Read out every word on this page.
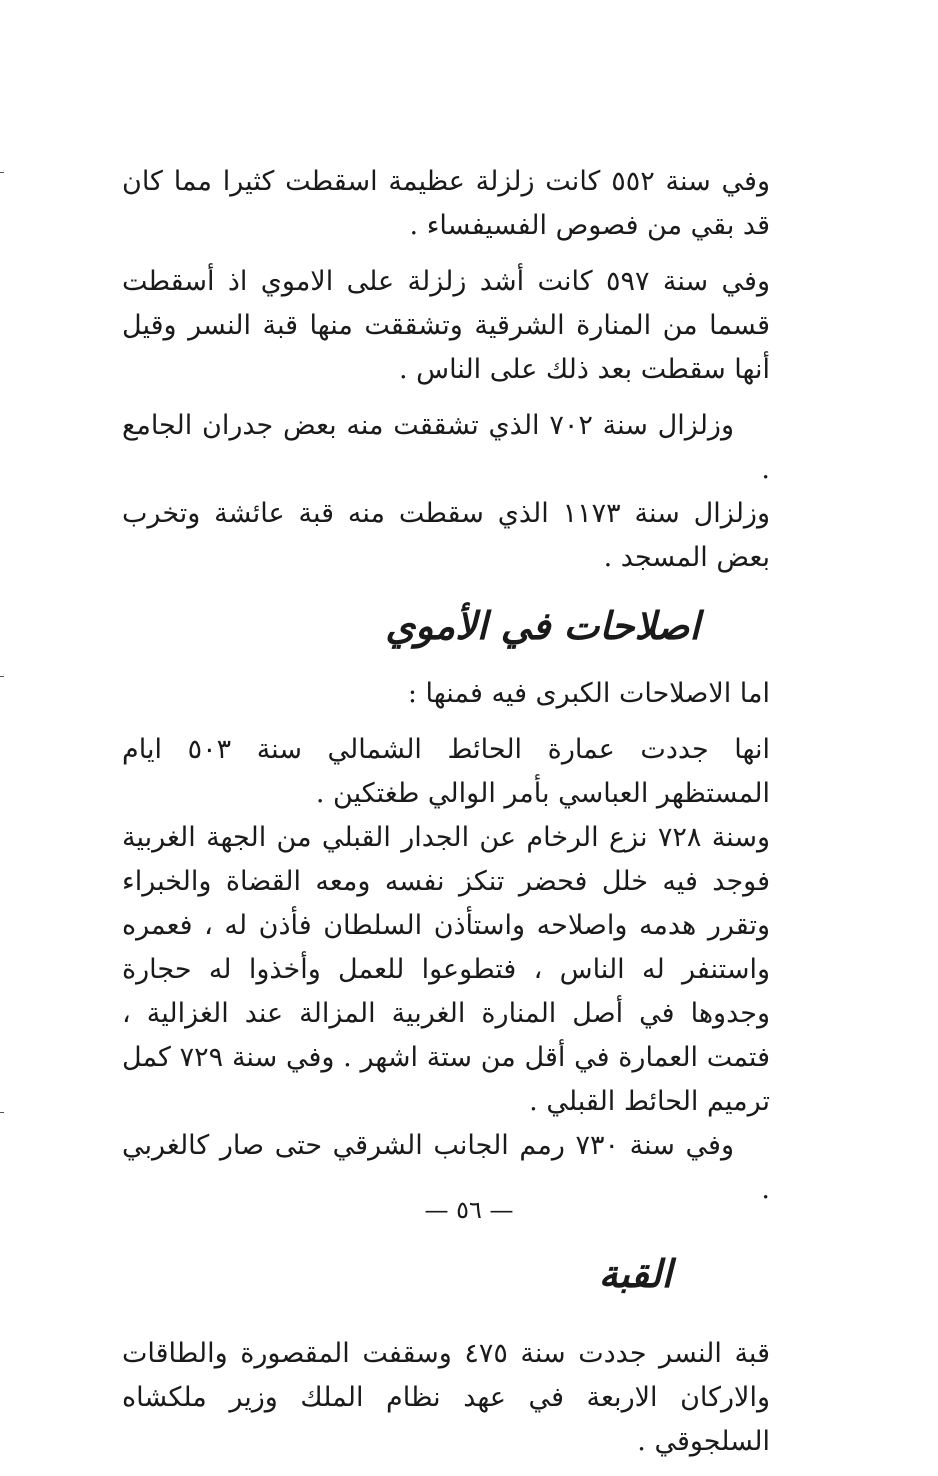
وفي سنة ٥٥٢ كانت زلزلة عظيمة اسقطت كثيرا مما كان قد بقي من فصوص الفسيفساء .

وفي سنة ٥٩٧ كانت أشد زلزلة على الاموي اذ أسقطت قسما من المنارة الشرقية وتشققت منها قبة النسر وقيل أنها سقطت بعد ذلك على الناس .

وزلزال سنة ٧٠٢ الذي تشققت منه بعض جدران الجامع .

وزلزال سنة ١١٧٣ الذي سقطت منه قبة عائشة وتخرب بعض المسجد .

اصلاحات في الأموي

اما الاصلاحات الكبرى فيه فمنها :

انها جددت عمارة الحائط الشمالي سنة ٥٠٣ ايام المستظهر العباسي بأمر الوالي طغتكين .

وسنة ٧٢٨ نزع الرخام عن الجدار القبلي من الجهة الغربية فوجد فيه خلل فحضر تنكز نفسه ومعه القضاة والخبراء وتقرر هدمه واصلاحه واستأذن السلطان فأذن له ، فعمره واستنفر له الناس ، فتطوعوا للعمل وأخذوا له حجارة وجدوها في أصل المنارة الغربية المزالة عند الغزالية ، فتمت العمارة في أقل من ستة اشهر . وفي سنة ٧٢٩ كمل ترميم الحائط القبلي .

وفي سنة ٧٣٠ رمم الجانب الشرقي حتى صار كالغربي .

القبة

قبة النسر جددت سنة ٤٧٥ وسقفت المقصورة والطاقات والاركان الاربعة في عهد نظام الملك وزير ملكشاه السلجوقي .

— ٥٦ —
